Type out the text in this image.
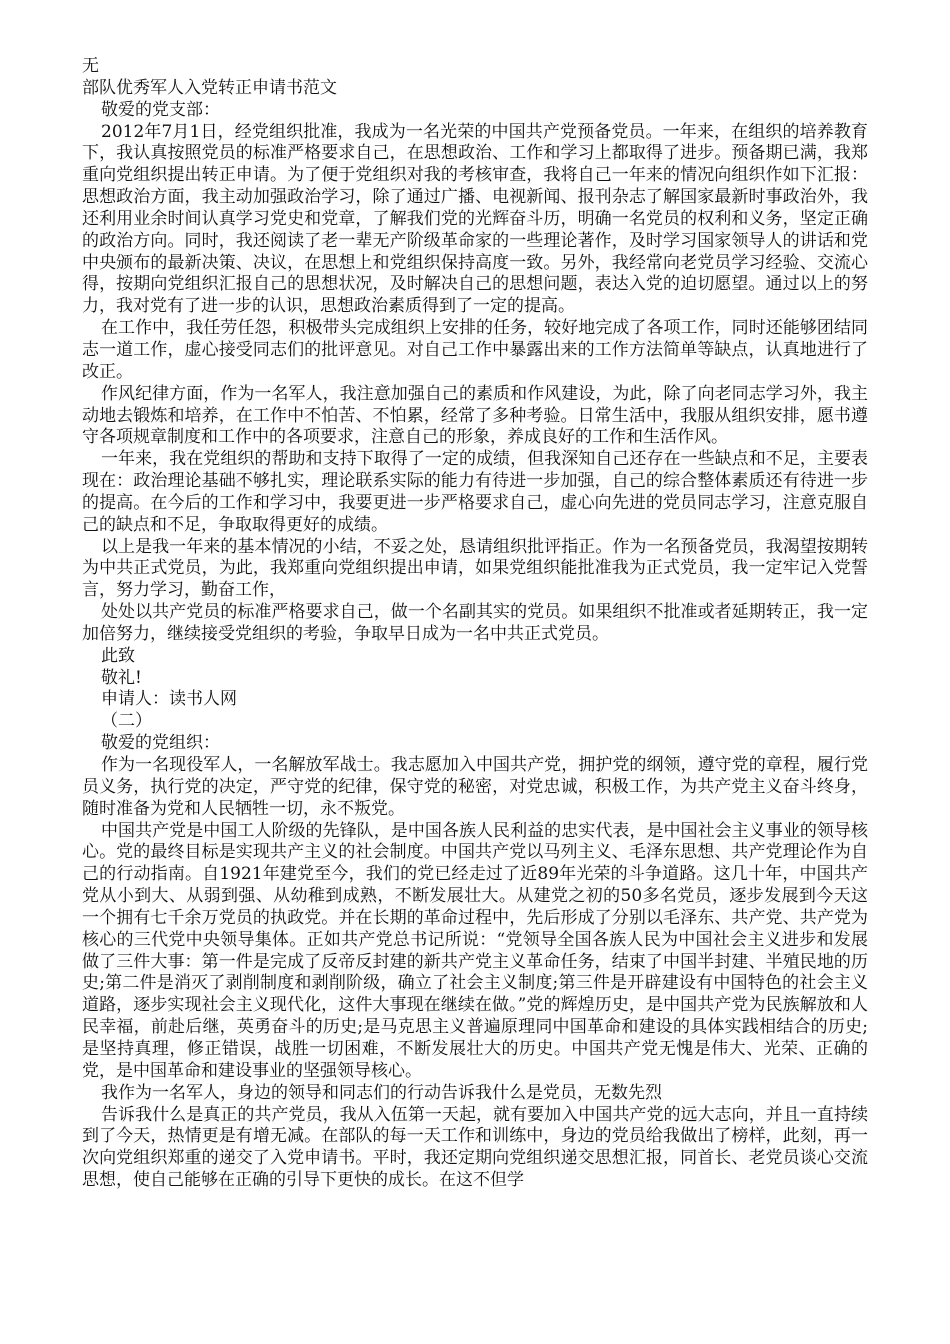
无
部队优秀军人入党转正申请书范文
敬爱的党支部：

2012年7月1日，经党组织批准，我成为一名光荣的中国共产党预备党员。一年来，在组织的培养教育下，我认真按照党员的标准严格要求自己，在思想政治、工作和学习上都取得了进步。预备期已满，我郑重向党组织提出转正申请。为了便于党组织对我的考核审查，我将自己一年来的情况向组织作如下汇报：思想政治方面，我主动加强政治学习，除了通过广播、电视新闻、报刊杂志了解国家最新时事政治外，我还利用业余时间认真学习党史和党章，了解我们党的光辉奋斗历，明确一名党员的权利和义务，坚定正确的政治方向。同时，我还阅读了老一辈无产阶级革命家的一些理论著作，及时学习国家领导人的讲话和党中央颁布的最新决策、决议，在思想上和党组织保持高度一致。另外，我经常向老党员学习经验、交流心得，按期向党组织汇报自己的思想状况，及时解决自己的思想问题，表达入党的迫切愿望。通过以上的努力，我对党有了进一步的认识，思想政治素质得到了一定的提高。

在工作中，我任劳任怨，积极带头完成组织上安排的任务，较好地完成了各项工作，同时还能够团结同志一道工作，虚心接受同志们的批评意见。对自己工作中暴露出来的工作方法简单等缺点，认真地进行了改正。

作风纪律方面，作为一名军人，我注意加强自己的素质和作风建设，为此，除了向老同志学习外，我主动地去锻炼和培养，在工作中不怕苦、不怕累，经常了多种考验。日常生活中，我服从组织安排，愿书遵守各项规章制度和工作中的各项要求，注意自己的形象，养成良好的工作和生活作风。

一年来，我在党组织的帮助和支持下取得了一定的成绩，但我深知自己还存在一些缺点和不足，主要表现在：政治理论基础不够扎实，理论联系实际的能力有待进一步加强，自己的综合整体素质还有待进一步的提高。在今后的工作和学习中，我要更进一步严格要求自己，虚心向先进的党员同志学习，注意克服自己的缺点和不足，争取取得更好的成绩。

以上是我一年来的基本情况的小结，不妥之处，恳请组织批评指正。作为一名预备党员，我渴望按期转为中共正式党员，为此，我郑重向党组织提出申请，如果党组织能批准我为正式党员，我一定牢记入党誓言，努力学习，勤奋工作，

处处以共产党员的标准严格要求自己，做一个名副其实的党员。如果组织不批准或者延期转正，我一定加倍努力，继续接受党组织的考验，争取早日成为一名中共正式党员。

此致
敬礼!
申请人：读书人网
（二）
敬爱的党组织：

作为一名现役军人，一名解放军战士。我志愿加入中国共产党，拥护党的纲领，遵守党的章程，履行党员义务，执行党的决定，严守党的纪律，保守党的秘密，对党忠诚，积极工作，为共产党主义奋斗终身，随时准备为党和人民牺牲一切，永不叛党。

中国共产党是中国工人阶级的先锋队，是中国各族人民利益的忠实代表，是中国社会主义事业的领导核心。党的最终目标是实现共产主义的社会制度。中国共产党以马列主义、毛泽东思想、共产党理论作为自己的行动指南。自1921年建党至今，我们的党已经走过了近89年光荣的斗争道路。这几十年，中国共产党从小到大、从弱到强、从幼稚到成熟，不断发展壮大。从建党之初的50多名党员，逐步发展到今天这一个拥有七千余万党员的执政党。并在长期的革命过程中，先后形成了分别以毛泽东、共产党、共产党为核心的三代党中央领导集体。正如共产党总书记所说：“党领导全国各族人民为中国社会主义进步和发展做了三件大事：第一件是完成了反帝反封建的新共产党主义革命任务，结束了中国半封建、半殖民地的历史;第二件是消灭了剥削制度和剥削阶级，确立了社会主义制度;第三件是开辟建设有中国特色的社会主义道路，逐步实现社会主义现代化，这件大事现在继续在做。”党的辉煌历史，是中国共产党为民族解放和人民幸福，前赴后继，英勇奋斗的历史;是马克思主义普遍原理同中国革命和建设的具体实践相结合的历史;是坚持真理，修正错误，战胜一切困难，不断发展壮大的历史。中国共产党无愧是伟大、光荣、正确的党，是中国革命和建设事业的坚强领导核心。

我作为一名军人，身边的领导和同志们的行动告诉我什么是党员，无数先烈

告诉我什么是真正的共产党员，我从入伍第一天起，就有要加入中国共产党的远大志向，并且一直持续到了今天，热情更是有增无减。在部队的每一天工作和训练中，身边的党员给我做出了榜样，此刻，再一次向党组织郑重的递交了入党申请书。平时，我还定期向党组织递交思想汇报，同首长、老党员谈心交流思想，使自己能够在正确的引导下更快的成长。在这不但学
